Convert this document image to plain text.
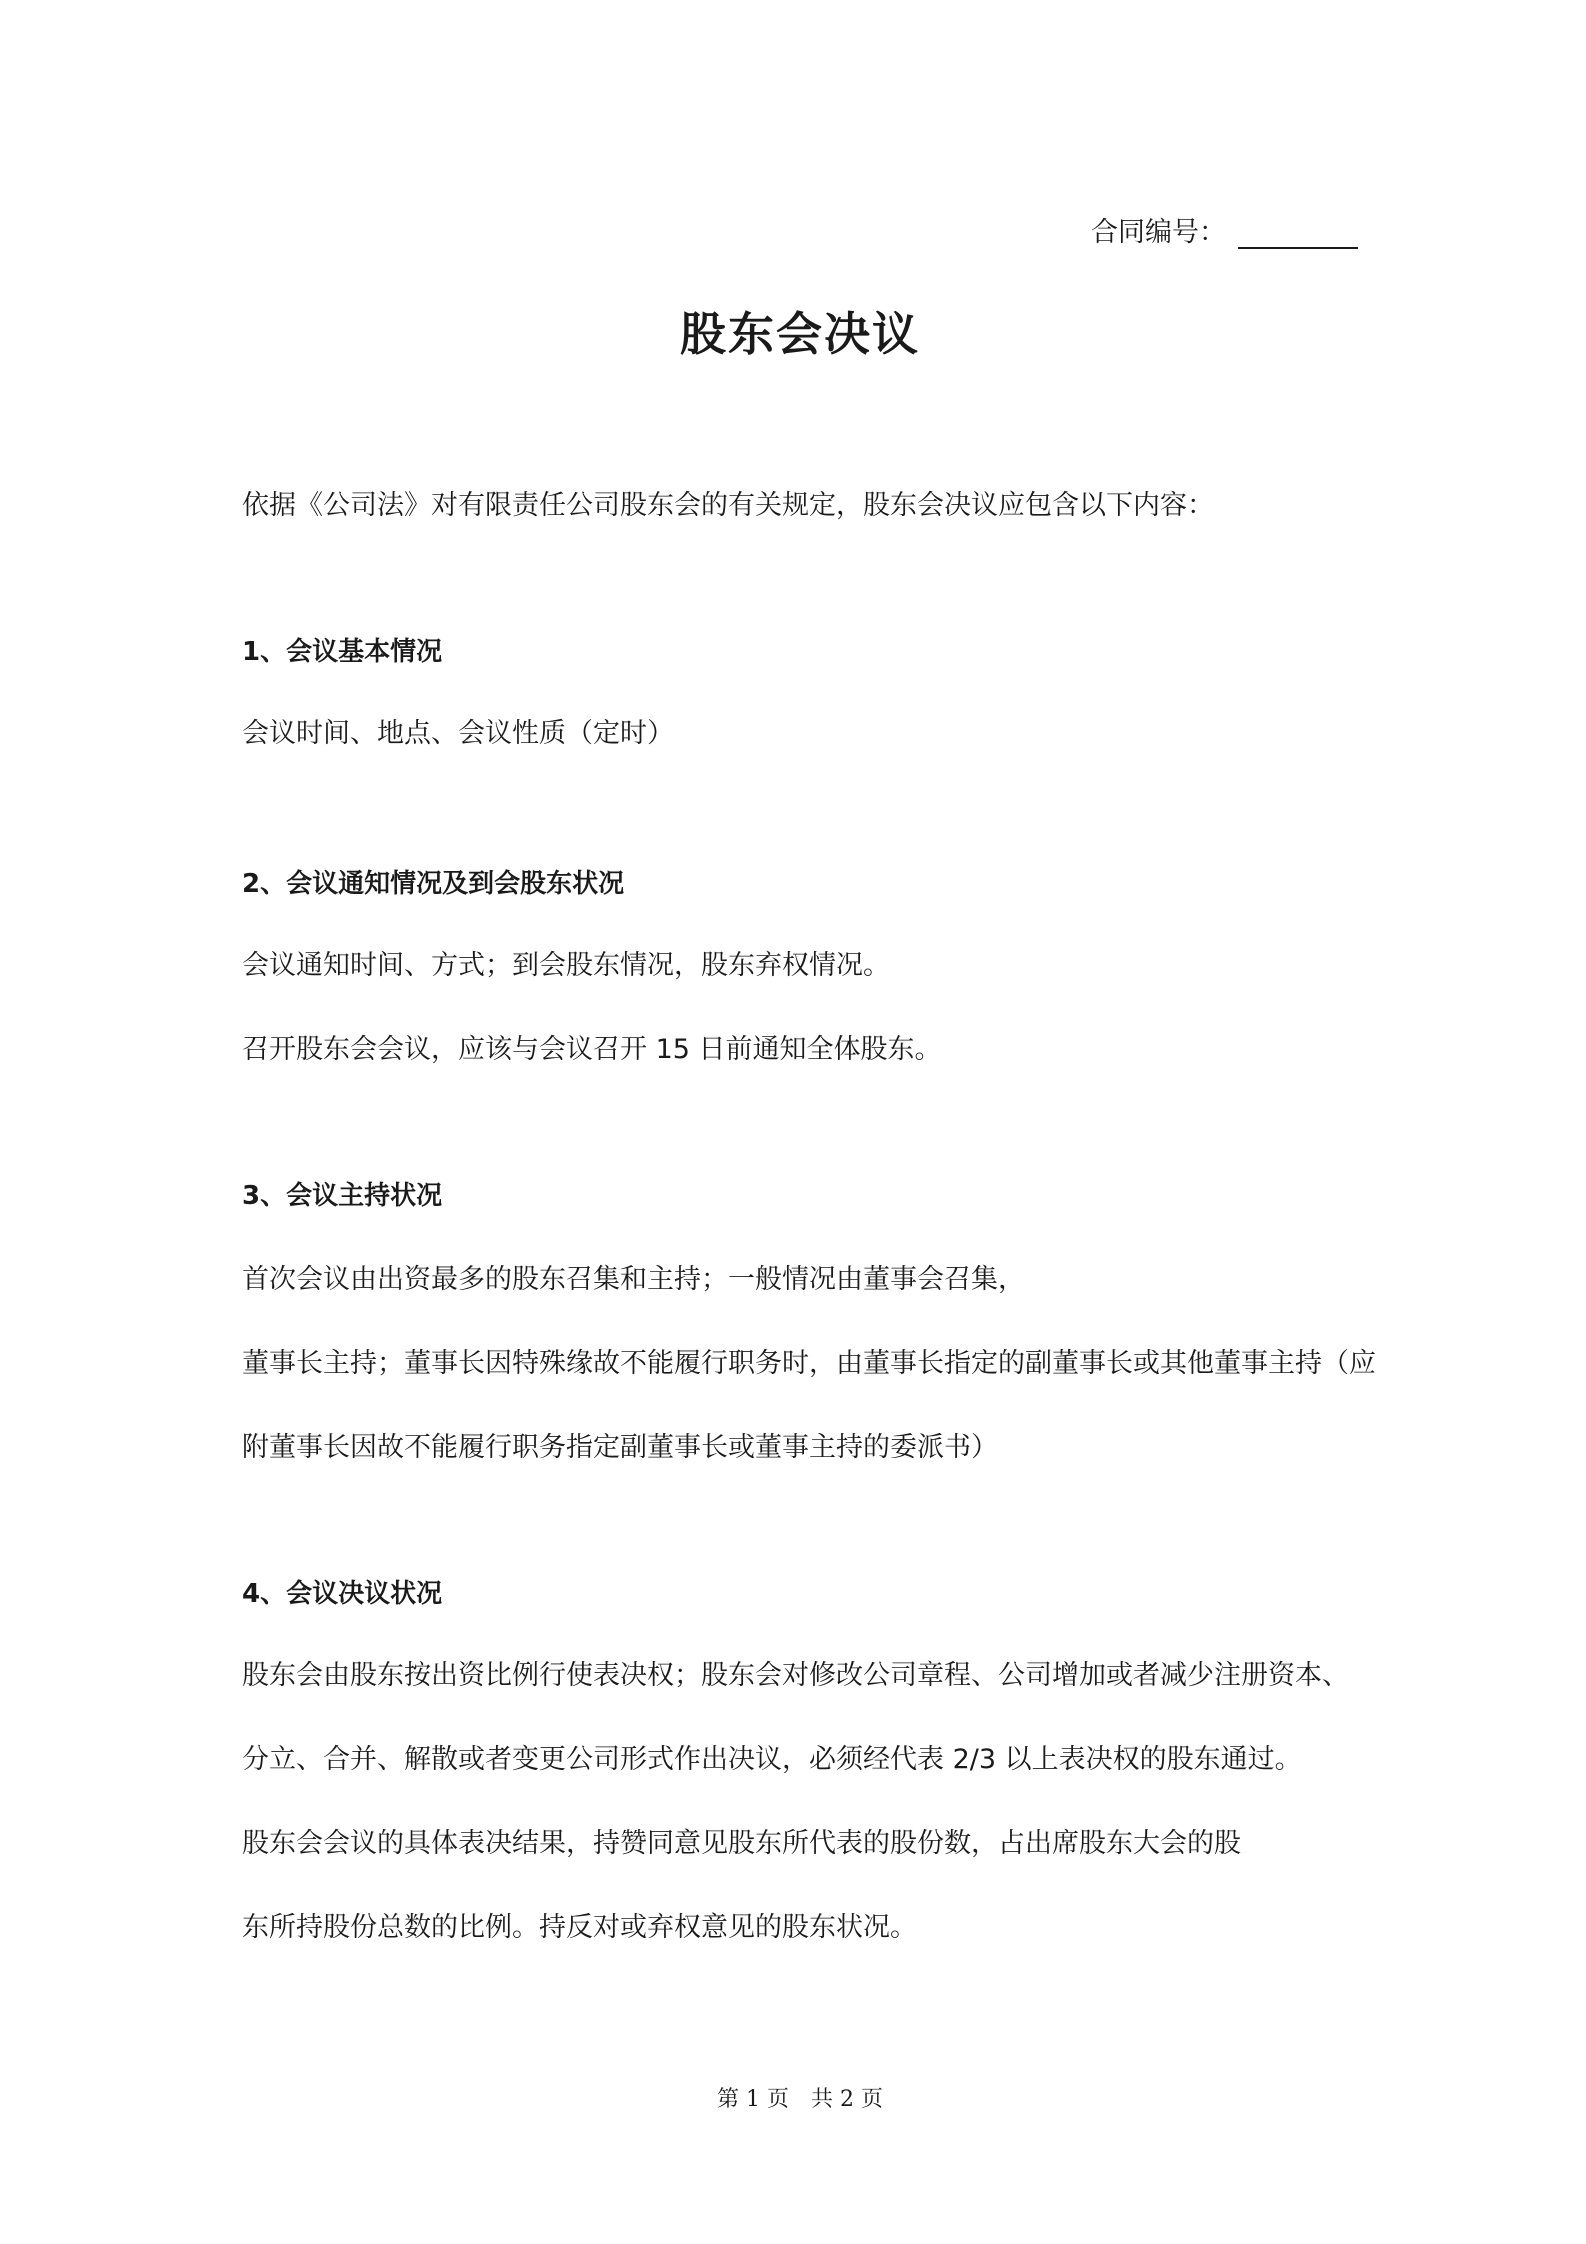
合同编号：
股东会决议
依据《公司法》对有限责任公司股东会的有关规定，股东会决议应包含以下内容：
1、会议基本情况
会议时间、地点、会议性质（定时）
2、会议通知情况及到会股东状况
会议通知时间、方式；到会股东情况，股东弃权情况。
召开股东会会议，应该与会议召开 15 日前通知全体股东。
3、会议主持状况
首次会议由出资最多的股东召集和主持；一般情况由董事会召集，
董事长主持；董事长因特殊缘故不能履行职务时，由董事长指定的副董事长或其他董事主持（应
附董事长因故不能履行职务指定副董事长或董事主持的委派书）
4、会议决议状况
股东会由股东按出资比例行使表决权；股东会对修改公司章程、公司增加或者减少注册资本、
分立、合并、解散或者变更公司形式作出决议，必须经代表 2/3 以上表决权的股东通过。
股东会会议的具体表决结果，持赞同意见股东所代表的股份数，占出席股东大会的股
东所持股份总数的比例。持反对或弃权意见的股东状况。
第 1 页　共 2 页
